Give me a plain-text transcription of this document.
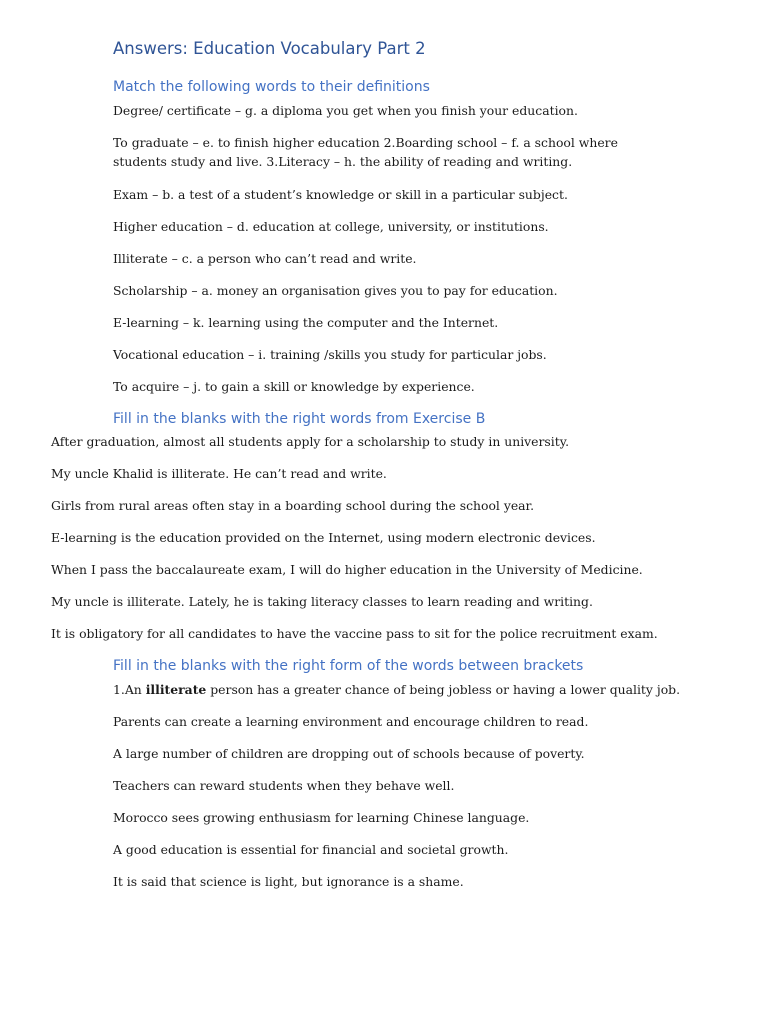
Answers: Education Vocabulary Part 2
Match the following words to their definitions

Degree/ certificate – g. a diploma you get when you finish your education.

To graduate – e. to finish higher education 2.Boarding school – f. a school where students study and live. 3.Literacy – h. the ability of reading and writing.

Exam – b. a test of a student’s knowledge or skill in a particular subject.

Higher education – d. education at college, university, or institutions.

Illiterate – c. a person who can’t read and write.

Scholarship – a. money an organisation gives you to pay for education.

E-learning – k. learning using the computer and the Internet.

Vocational education – i. training /skills you study for particular jobs.

To acquire – j. to gain a skill or knowledge by experience.

Fill in the blanks with the right words from Exercise B

After graduation, almost all students apply for a scholarship to study in university.

My uncle Khalid is illiterate. He can’t read and write.

Girls from rural areas often stay in a boarding school during the school year.

E-learning is the education provided on the Internet, using modern electronic devices.

When I pass the baccalaureate exam, I will do higher education in the University of Medicine.

My uncle is illiterate. Lately, he is taking literacy classes to learn reading and writing.

It is obligatory for all candidates to have the vaccine pass to sit for the police recruitment exam.

Fill in the blanks with the right form of the words between brackets

1.An illiterate person has a greater chance of being jobless or having a lower quality job.

Parents can create a learning environment and encourage children to read.

A large number of children are dropping out of schools because of poverty.

Teachers can reward students when they behave well.

Morocco sees growing enthusiasm for learning Chinese language.

A good education is essential for financial and societal growth.

It is said that science is light, but ignorance is a shame.
